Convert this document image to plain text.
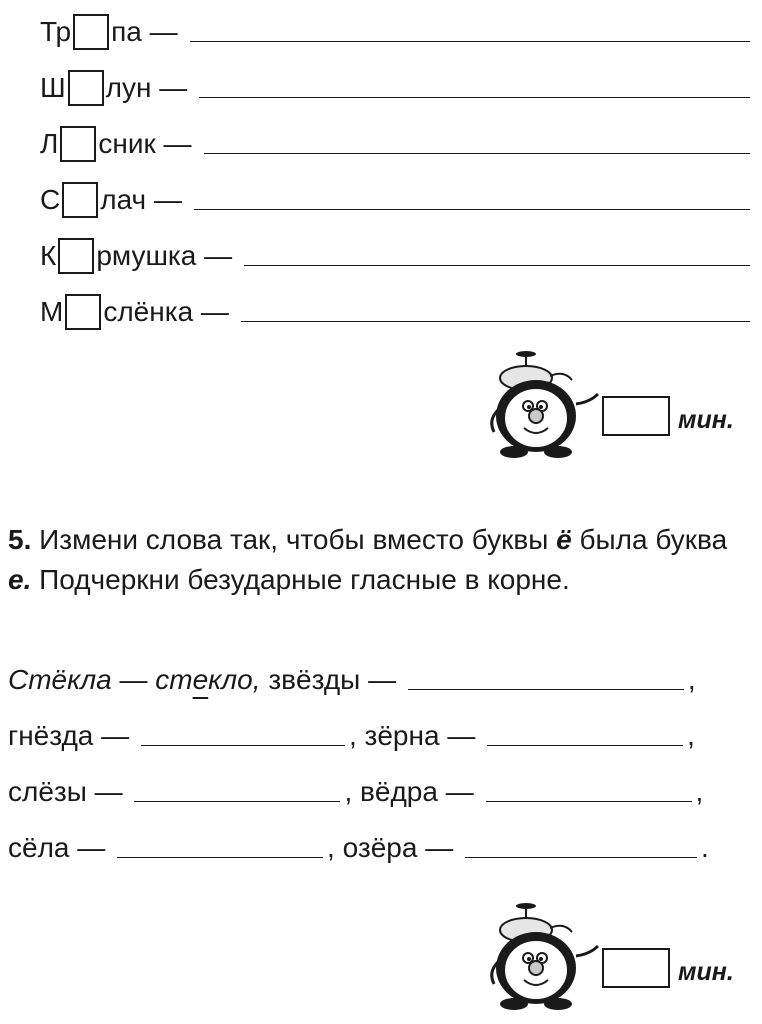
Тр па —
Ш лун —
Л сник —
С лач —
К рмушка —
М слёнка —
мин.
5. Измени слова так, чтобы вместо буквы ё была буква е. Подчеркни безударные гласные в корне.
Стёкла — стекло, звёзды —	,
гнёзда —	, зёрна —	,
слёзы —	, вёдра —	,
сёла —	, озёра —	.
мин.
